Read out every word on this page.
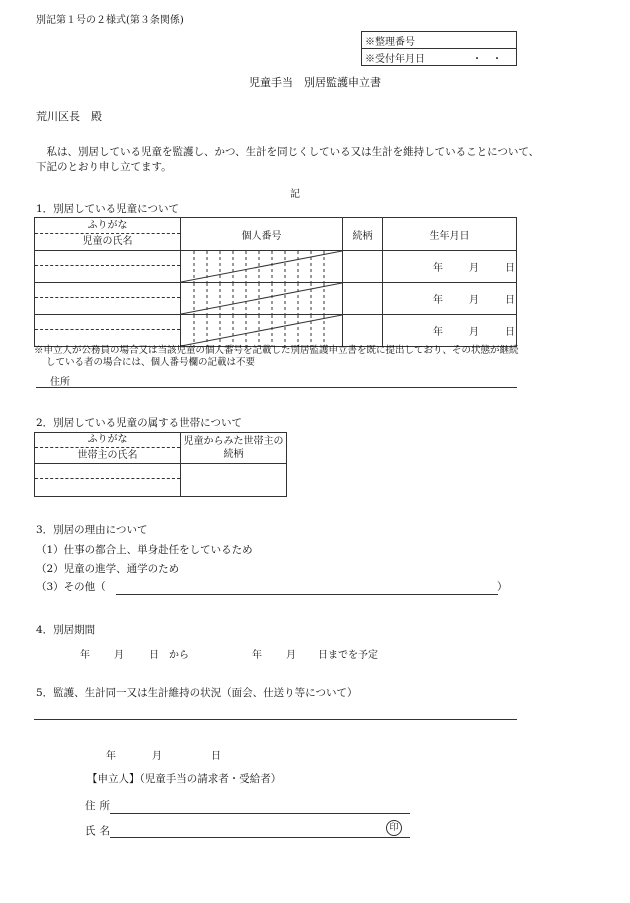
別記第１号の２様式(第３条関係)
※整理番号
※受付年月日	・　・
児童手当　別居監護申立書
荒川区長　殿
私は、別居している児童を監護し、かつ、生計を同じくしている又は生計を維持していることについて、下記のとおり申し立てます。
記
1．別居している児童について
ふりがな
児童の氏名	個人番号	続柄	生年月日

		年 月 日

		年 月 日

		年 月 日
※申立人が公務員の場合又は当該児童の個人番号を記載した別居監護申立書を既に提出しており、その状態が継続している者の場合には、個人番号欄の記載は不要
住所
2．別居している児童の属する世帯について
ふりがな
世帯主の氏名	児童からみた世帯主の続柄

3．別居の理由について
（1）仕事の都合上、単身赴任をしているため
（2）児童の進学、通学のため
（3）その他（	）
4．別居期間
年 月	日　から	年 月 日までを予定
5．監護、生計同一又は生計維持の状況（面会、仕送り等について）
年	月	日
【申立人】（児童手当の請求者・受給者）
住所
氏名	印
